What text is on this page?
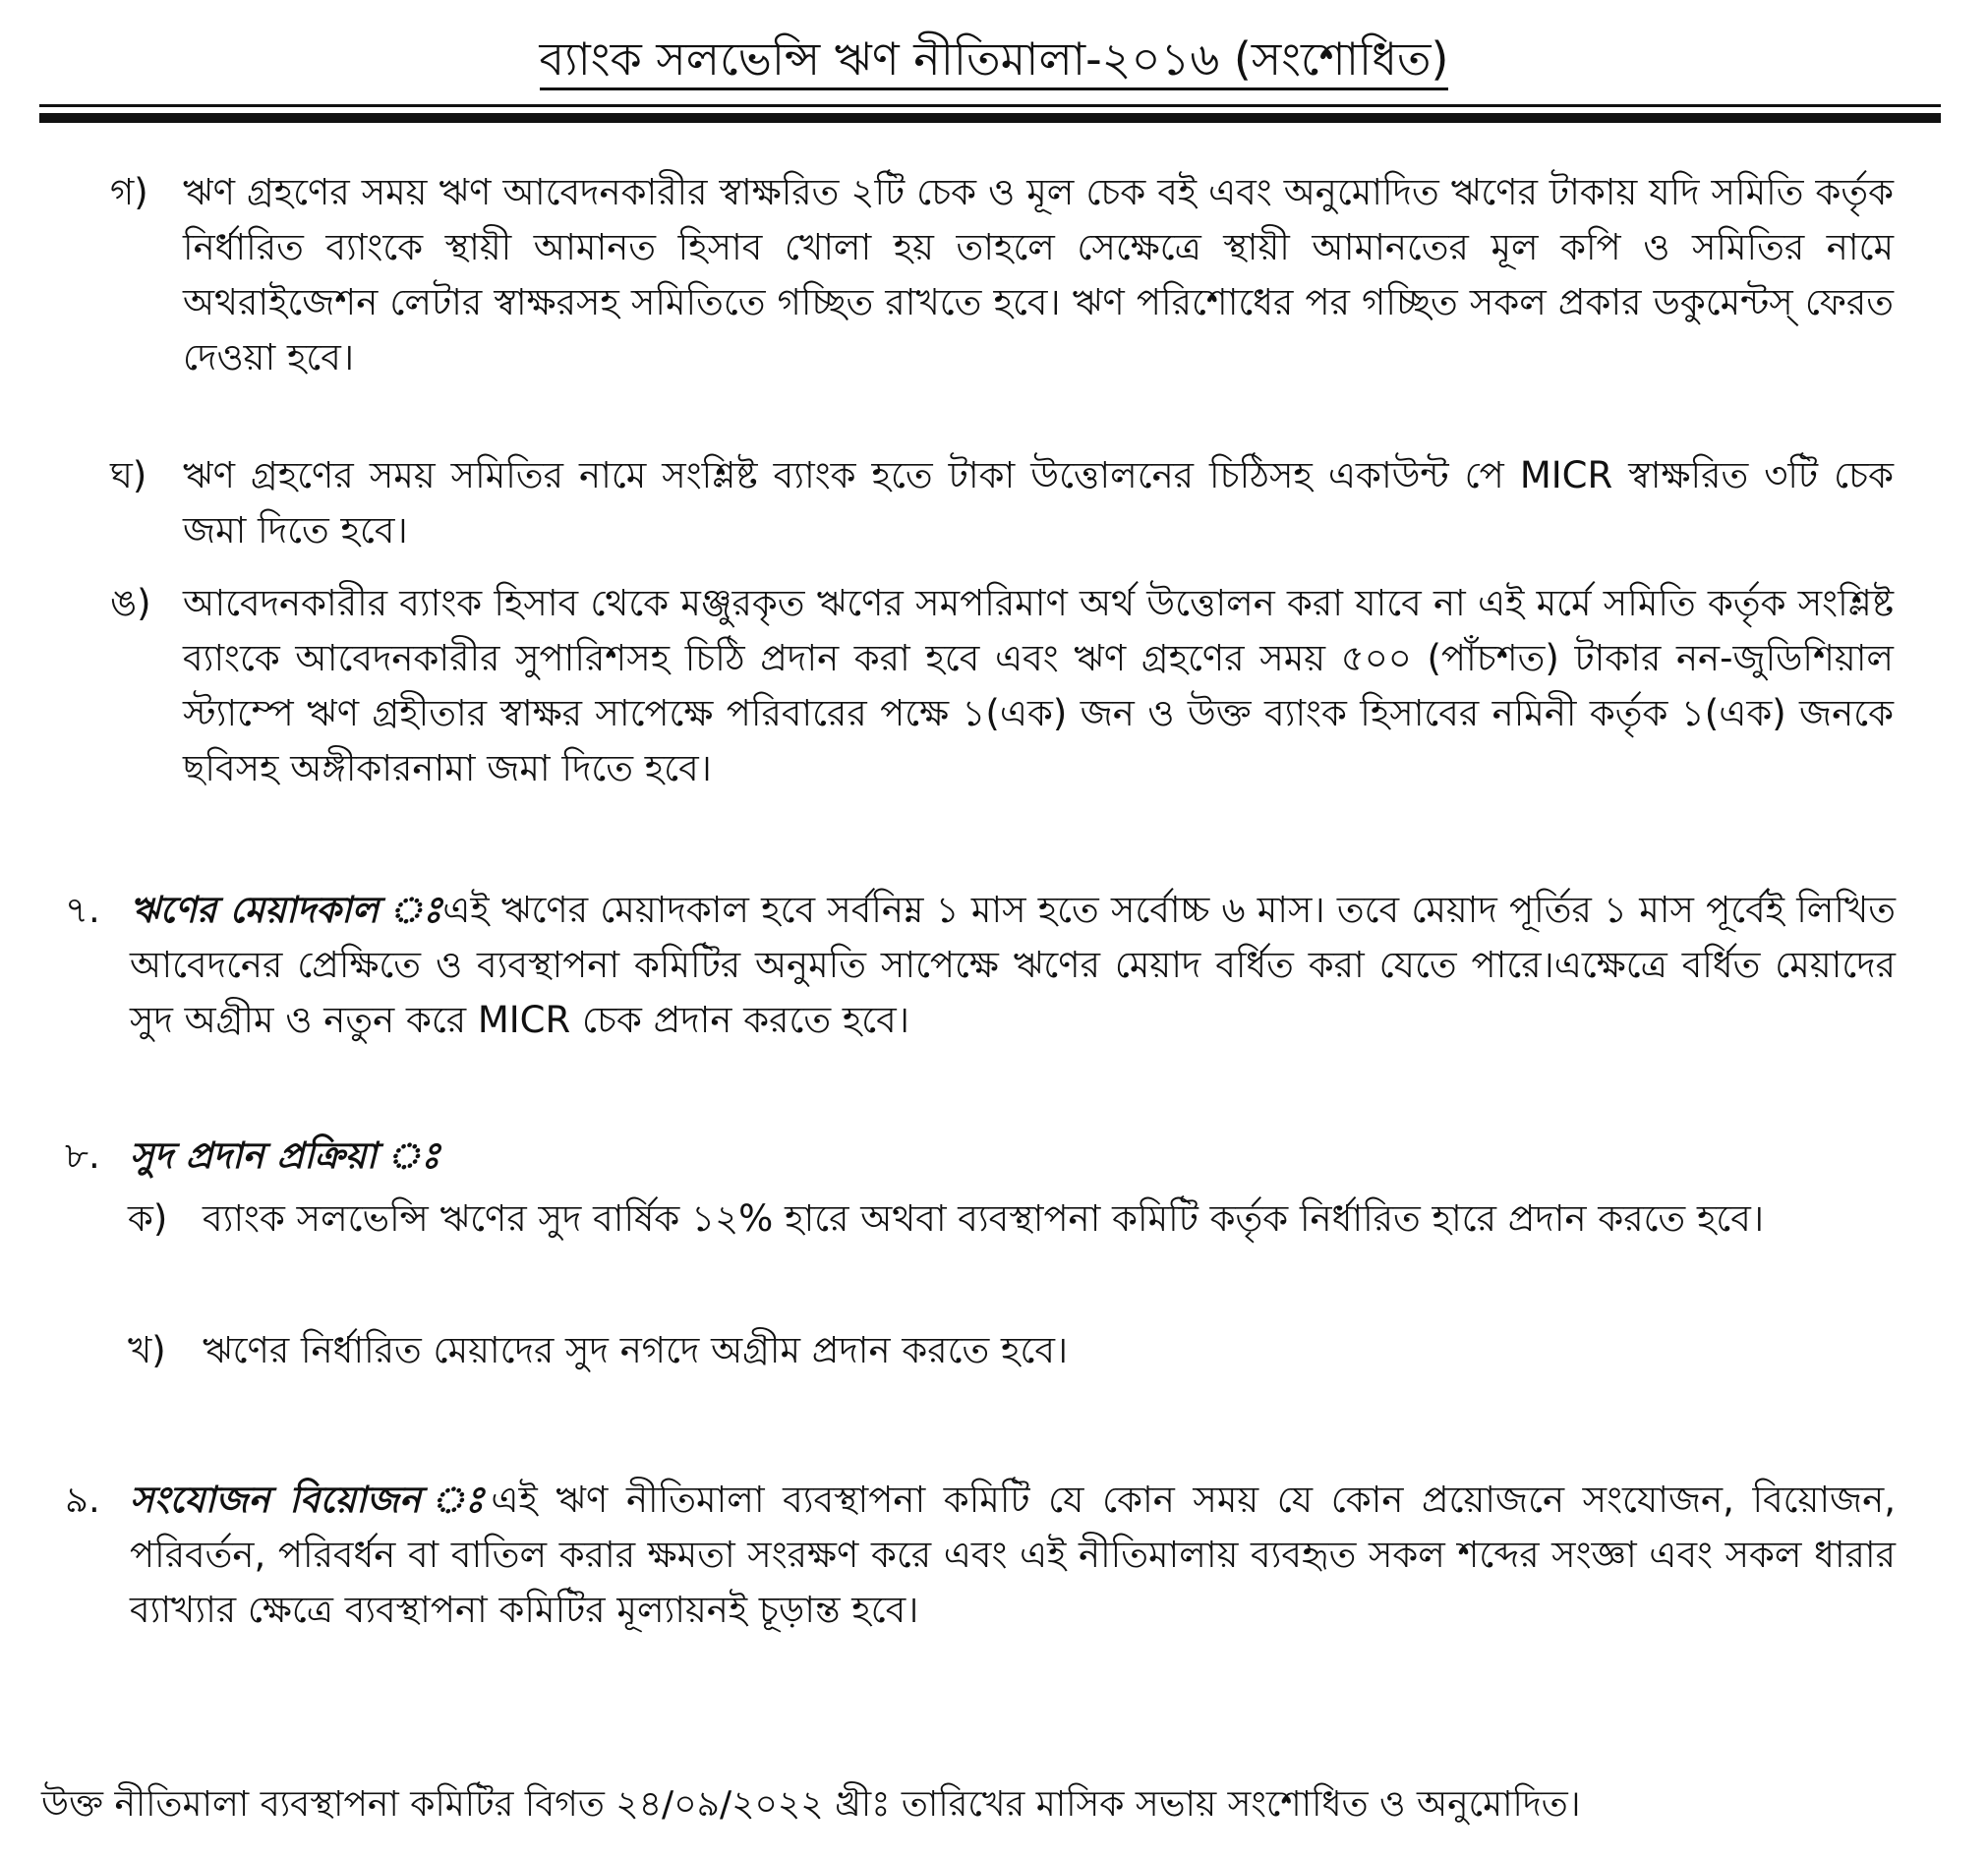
ব্যাংক সলভেন্সি ঋণ নীতিমালা-২০১৬ (সংশোধিত)
গ) ঋণ গ্রহণের সময় ঋণ আবেদনকারীর স্বাক্ষরিত ২টি চেক ও মূল চেক বই এবং অনুমোদিত ঋণের টাকায় যদি সমিতি কর্তৃক নির্ধারিত ব্যাংকে স্থায়ী আমানত হিসাব খোলা হয় তাহলে সেক্ষেত্রে স্থায়ী আমানতের মূল কপি ও সমিতির নামে অথরাইজেশন লেটার স্বাক্ষরসহ সমিতিতে গচ্ছিত রাখতে হবে। ঋণ পরিশোধের পর গচ্ছিত সকল প্রকার ডকুমেন্টস্ ফেরত দেওয়া হবে।
ঘ) ঋণ গ্রহণের সময় সমিতির নামে সংশ্লিষ্ট ব্যাংক হতে টাকা উত্তোলনের চিঠিসহ একাউন্ট পে MICR স্বাক্ষরিত ৩টি চেক জমা দিতে হবে।
ঙ) আবেদনকারীর ব্যাংক হিসাব থেকে মঞ্জুরকৃত ঋণের সমপরিমাণ অর্থ উত্তোলন করা যাবে না এই মর্মে সমিতি কর্তৃক সংশ্লিষ্ট ব্যাংকে আবেদনকারীর সুপারিশসহ চিঠি প্রদান করা হবে এবং ঋণ গ্রহণের সময় ৫০০ (পাঁচশত) টাকার নন-জুডিশিয়াল স্ট্যাম্পে ঋণ গ্রহীতার স্বাক্ষর সাপেক্ষে পরিবারের পক্ষে ১(এক) জন ও উক্ত ব্যাংক হিসাবের নমিনী কর্তৃক ১(এক) জনকে ছবিসহ অঙ্গীকারনামা জমা দিতে হবে।
৭. ঋণের মেয়াদকাল ঃএই ঋণের মেয়াদকাল হবে সর্বনিম্ন ১ মাস হতে সর্বোচ্চ ৬ মাস। তবে মেয়াদ পূর্তির ১ মাস পূর্বেই লিখিত আবেদনের প্রেক্ষিতে ও ব্যবস্থাপনা কমিটির অনুমতি সাপেক্ষে ঋণের মেয়াদ বর্ধিত করা যেতে পারে।এক্ষেত্রে বর্ধিত মেয়াদের সুদ অগ্রীম ও নতুন করে MICR চেক প্রদান করতে হবে।
৮. সুদ প্রদান প্রক্রিয়া ঃ
ক) ব্যাংক সলভেন্সি ঋণের সুদ বার্ষিক ১২% হারে অথবা ব্যবস্থাপনা কমিটি কর্তৃক নির্ধারিত হারে প্রদান করতে হবে।
খ) ঋণের নির্ধারিত মেয়াদের সুদ নগদে অগ্রীম প্রদান করতে হবে।
৯. সংযোজন বিয়োজন ঃএই ঋণ নীতিমালা ব্যবস্থাপনা কমিটি যে কোন সময় যে কোন প্রয়োজনে সংযোজন, বিয়োজন, পরিবর্তন, পরিবর্ধন বা বাতিল করার ক্ষমতা সংরক্ষণ করে এবং এই নীতিমালায় ব্যবহৃত সকল শব্দের সংজ্ঞা এবং সকল ধারার ব্যাখ্যার ক্ষেত্রে ব্যবস্থাপনা কমিটির মূল্যায়নই চূড়ান্ত হবে।
উক্ত নীতিমালা ব্যবস্থাপনা কমিটির বিগত ২৪/০৯/২০২২ খ্রীঃ তারিখের মাসিক সভায় সংশোধিত ও অনুমোদিত।
